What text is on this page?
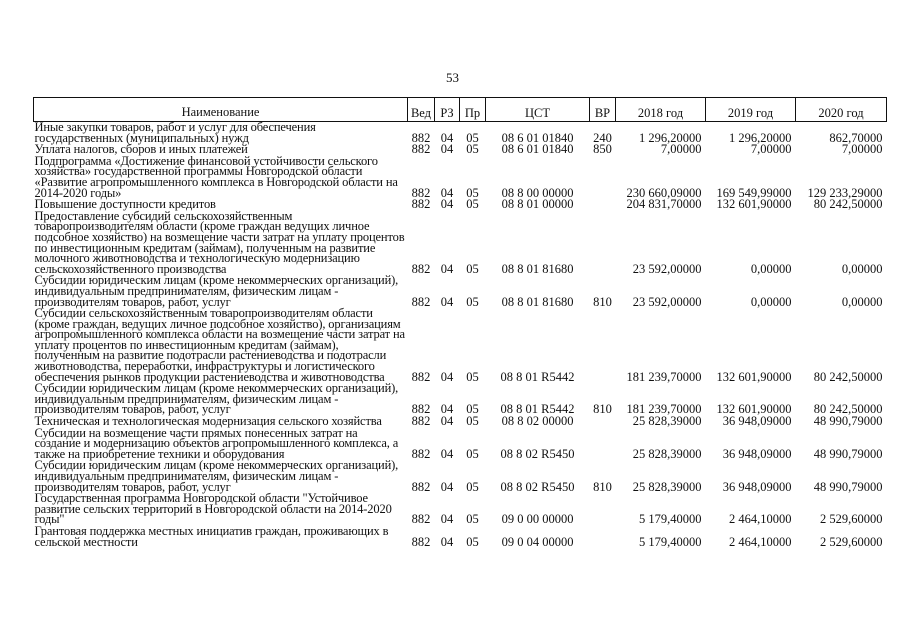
53
Наименование	Вед	РЗ	Пр	ЦСТ	ВР	2018 год	2019 год	2020 год
Иные закупки товаров, работ и услуг для обеспечения государственных (муниципальных) нужд	882	04	05	08 6 01 01840	240	1 296,20000	1 296,20000	862,70000
Уплата налогов, сборов и иных платежей	882	04	05	08 6 01 01840	850	7,00000	7,00000	7,00000
Подпрограмма «Достижение финансовой устойчивости сельского хозяйства» государственной программы Новгородской области «Развитие агропромышленного комплекса в Новгородской области на 2014-2020 годы»	882	04	05	08 8 00 00000		230 660,09000	169 549,99000	129 233,29000
Повышение доступности кредитов	882	04	05	08 8 01 00000		204 831,70000	132 601,90000	80 242,50000
Предоставление субсидий сельскохозяйственным товаропроизводителям области (кроме граждан ведущих личное подсобное хозяйство) на возмещение части затрат на уплату процентов по инвестиционным кредитам (займам), полученным на развитие молочного животноводства и технологическую модернизацию сельскохозяйственного производства	882	04	05	08 8 01 81680		23 592,00000	0,00000	0,00000
Субсидии юридическим лицам (кроме некоммерческих организаций), индивидуальным предпринимателям, физическим лицам - производителям товаров, работ, услуг	882	04	05	08 8 01 81680	810	23 592,00000	0,00000	0,00000
Субсидии сельскохозяйственным товаропроизводителям области (кроме граждан, ведущих личное подсобное хозяйство), организациям агропромышленного комплекса области на возмещение части затрат на уплату процентов по инвестиционным кредитам (займам), полученным на развитие подотрасли растениеводства и подотрасли животноводства, переработки, инфраструктуры и логистического обеспечения рынков продукции растениеводства и животноводства	882	04	05	08 8 01 R5442		181 239,70000	132 601,90000	80 242,50000
Субсидии юридическим лицам (кроме некоммерческих организаций), индивидуальным предпринимателям, физическим лицам - производителям товаров, работ, услуг	882	04	05	08 8 01 R5442	810	181 239,70000	132 601,90000	80 242,50000
Техническая и технологическая модернизация сельского хозяйства	882	04	05	08 8 02 00000		25 828,39000	36 948,09000	48 990,79000
Субсидии на возмещение части прямых понесенных затрат на создание и модернизацию объектов агропромышленного комплекса, а также на приобретение техники и оборудования	882	04	05	08 8 02 R5450		25 828,39000	36 948,09000	48 990,79000
Субсидии юридическим лицам (кроме некоммерческих организаций), индивидуальным предпринимателям, физическим лицам - производителям товаров, работ, услуг	882	04	05	08 8 02 R5450	810	25 828,39000	36 948,09000	48 990,79000
Государственная программа Новгородской области "Устойчивое развитие сельских территорий в Новгородской области на 2014-2020 годы"	882	04	05	09 0 00 00000		5 179,40000	2 464,10000	2 529,60000
Грантовая поддержка местных инициатив граждан, проживающих в сельской местности	882	04	05	09 0 04 00000		5 179,40000	2 464,10000	2 529,60000
